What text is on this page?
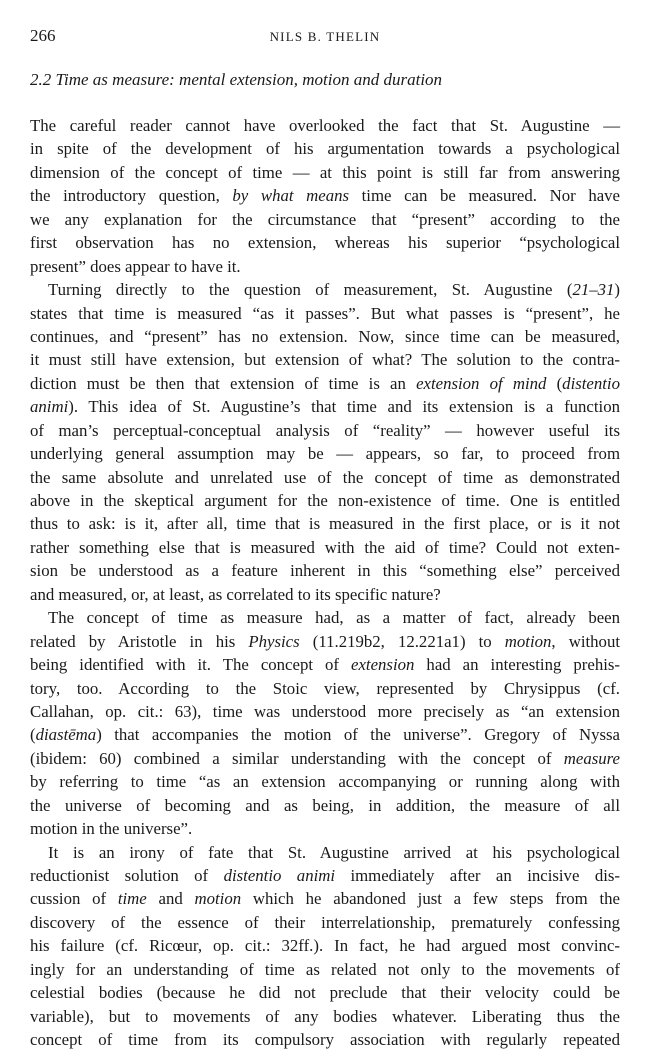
266	NILS B. THELIN
2.2 Time as measure: mental extension, motion and duration
The careful reader cannot have overlooked the fact that St. Augustine —
in spite of the development of his argumentation towards a psychological
dimension of the concept of time — at this point is still far from answering
the introductory question, by what means time can be measured. Nor have
we any explanation for the circumstance that “present” according to the
first observation has no extension, whereas his superior “psychological
present” does appear to have it.
Turning directly to the question of measurement, St. Augustine (21–31)
states that time is measured “as it passes”. But what passes is “present”, he
continues, and “present” has no extension. Now, since time can be measured,
it must still have extension, but extension of what? The solution to the contra-
diction must be then that extension of time is an extension of mind (distentio
animi). This idea of St. Augustine’s that time and its extension is a function
of man’s perceptual-conceptual analysis of “reality” — however useful its
underlying general assumption may be — appears, so far, to proceed from
the same absolute and unrelated use of the concept of time as demonstrated
above in the skeptical argument for the non-existence of time. One is entitled
thus to ask: is it, after all, time that is measured in the first place, or is it not
rather something else that is measured with the aid of time? Could not exten-
sion be understood as a feature inherent in this “something else” perceived
and measured, or, at least, as correlated to its specific nature?
The concept of time as measure had, as a matter of fact, already been
related by Aristotle in his Physics (11.219b2, 12.221a1) to motion, without
being identified with it. The concept of extension had an interesting prehis-
tory, too. According to the Stoic view, represented by Chrysippus (cf.
Callahan, op. cit.: 63), time was understood more precisely as “an extension
(diastēma) that accompanies the motion of the universe”. Gregory of Nyssa
(ibidem: 60) combined a similar understanding with the concept of measure
by referring to time “as an extension accompanying or running along with
the universe of becoming and as being, in addition, the measure of all
motion in the universe”.
It is an irony of fate that St. Augustine arrived at his psychological
reductionist solution of distentio animi immediately after an incisive dis-
cussion of time and motion which he abandoned just a few steps from the
discovery of the essence of their interrelationship, prematurely confessing
his failure (cf. Ricœur, op. cit.: 32ff.). In fact, he had argued most convinc-
ingly for an understanding of time as related not only to the movements of
celestial bodies (because he did not preclude that their velocity could be
variable), but to movements of any bodies whatever. Liberating thus the
concept of time from its compulsory association with regularly repeated
